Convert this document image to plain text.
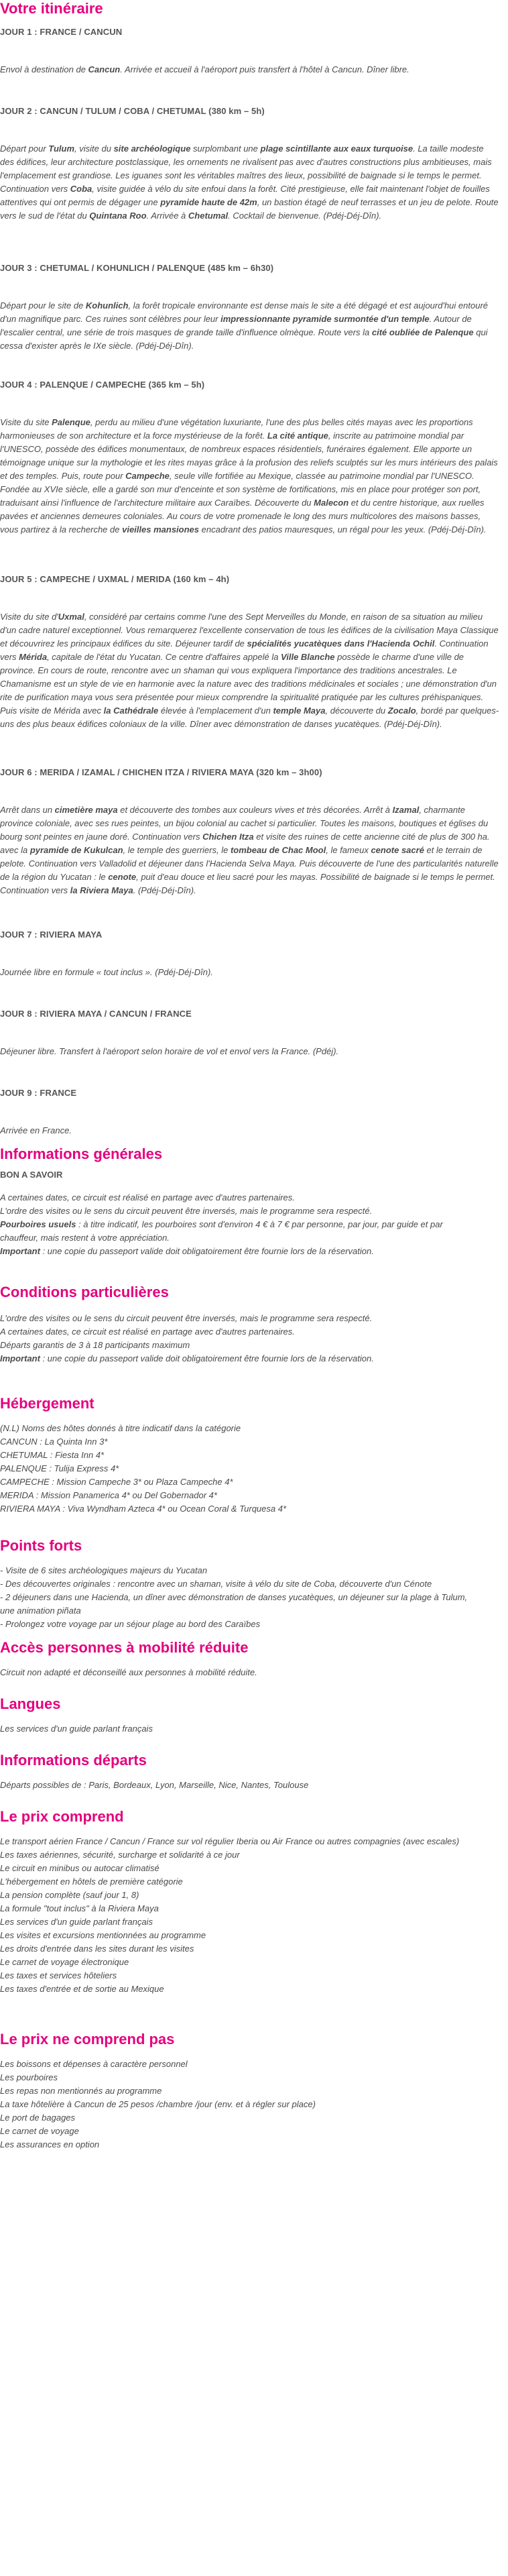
Votre itinéraire
JOUR 1 : FRANCE / CANCUN
Envol à destination de Cancun. Arrivée et accueil à l'aéroport puis transfert à l'hôtel à Cancun. Dîner libre.
JOUR 2 : CANCUN / TULUM / COBA / CHETUMAL (380 km – 5h)
Départ pour Tulum, visite du site archéologique surplombant une plage scintillante aux eaux turquoise. La taille modeste des édifices, leur architecture postclassique, les ornements ne rivalisent pas avec d'autres constructions plus ambitieuses, mais l'emplacement est grandiose. Les iguanes sont les véritables maîtres des lieux, possibilité de baignade si le temps le permet. Continuation vers Coba, visite guidée à vélo du site enfoui dans la forêt. Cité prestigieuse, elle fait maintenant l'objet de fouilles attentives qui ont permis de dégager une pyramide haute de 42m, un bastion étagé de neuf terrasses et un jeu de pelote. Route vers le sud de l'état du Quintana Roo. Arrivée à Chetumal. Cocktail de bienvenue. (Pdéj-Déj-Dîn).
JOUR 3 : CHETUMAL / KOHUNLICH / PALENQUE (485 km – 6h30)
Départ pour le site de Kohunlich, la forêt tropicale environnante est dense mais le site a été dégagé et est aujourd'hui entouré d'un magnifique parc. Ces ruines sont célèbres pour leur impressionnante pyramide surmontée d'un temple. Autour de l'escalier central, une série de trois masques de grande taille d'influence olmèque. Route vers la cité oubliée de Palenque qui cessa d'exister après le IXe siècle. (Pdéj-Déj-Dîn).
JOUR 4 : PALENQUE / CAMPECHE (365 km – 5h)
Visite du site Palenque, perdu au milieu d'une végétation luxuriante, l'une des plus belles cités mayas avec les proportions harmonieuses de son architecture et la force mystérieuse de la forêt. La cité antique, inscrite au patrimoine mondial par l'UNESCO, possède des édifices monumentaux, de nombreux espaces résidentiels, funéraires également. Elle apporte un témoignage unique sur la mythologie et les rites mayas grâce à la profusion des reliefs sculptés sur les murs intérieurs des palais et des temples. Puis, route pour Campeche, seule ville fortifiée au Mexique, classée au patrimoine mondial par l'UNESCO. Fondée au XVIe siècle, elle a gardé son mur d'enceinte et son système de fortifications, mis en place pour protéger son port, traduisant ainsi l'influence de l'architecture militaire aux Caraïbes. Découverte du Malecon et du centre historique, aux ruelles pavées et anciennes demeures coloniales. Au cours de votre promenade le long des murs multicolores des maisons basses, vous partirez à la recherche de vieilles mansiones encadrant des patios mauresques, un régal pour les yeux. (Pdéj-Déj-Dîn).
JOUR 5 : CAMPECHE / UXMAL / MERIDA (160 km – 4h)
Visite du site d'Uxmal, considéré par certains comme l'une des Sept Merveilles du Monde, en raison de sa situation au milieu d'un cadre naturel exceptionnel. Vous remarquerez l'excellente conservation de tous les édifices de la civilisation Maya Classique et découvrirez les principaux édifices du site. Déjeuner tardif de spécialités yucatèques dans l'Hacienda Ochil. Continuation vers Mérida, capitale de l'état du Yucatan. Ce centre d'affaires appelé la Ville Blanche possède le charme d'une ville de province. En cours de route, rencontre avec un shaman qui vous expliquera l'importance des traditions ancestrales. Le Chamanisme est un style de vie en harmonie avec la nature avec des traditions médicinales et sociales ; une démonstration d'un rite de purification maya vous sera présentée pour mieux comprendre la spiritualité pratiquée par les cultures préhispaniques. Puis visite de Mérida avec la Cathédrale élevée à l'emplacement d'un temple Maya, découverte du Zocalo, bordé par quelques-uns des plus beaux édifices coloniaux de la ville. Dîner avec démonstration de danses yucatèques. (Pdéj-Déj-Dîn).
JOUR 6 : MERIDA / IZAMAL / CHICHEN ITZA / RIVIERA MAYA (320 km – 3h00)
Arrêt dans un cimetière maya et découverte des tombes aux couleurs vives et très décorées. Arrêt à Izamal, charmante province coloniale, avec ses rues peintes, un bijou colonial au cachet si particulier. Toutes les maisons, boutiques et églises du bourg sont peintes en jaune doré. Continuation vers Chichen Itza et visite des ruines de cette ancienne cité de plus de 300 ha. avec la pyramide de Kukulcan, le temple des guerriers, le tombeau de Chac Mool, le fameux cenote sacré et le terrain de pelote. Continuation vers Valladolid et déjeuner dans l'Hacienda Selva Maya. Puis découverte de l'une des particularités naturelle de la région du Yucatan : le cenote, puit d'eau douce et lieu sacré pour les mayas. Possibilité de baignade si le temps le permet. Continuation vers la Riviera Maya. (Pdéj-Déj-Dîn).
JOUR 7 : RIVIERA MAYA
Journée libre en formule « tout inclus ». (Pdéj-Déj-Dîn).
JOUR 8 : RIVIERA MAYA / CANCUN / FRANCE
Déjeuner libre. Transfert à l'aéroport selon horaire de vol et envol vers la France. (Pdéj).
JOUR 9 : FRANCE
Arrivée en France.
Informations générales
BON A SAVOIR
A certaines dates, ce circuit est réalisé en partage avec d'autres partenaires.
L'ordre des visites ou le sens du circuit peuvent être inversés, mais le programme sera respecté.
Pourboires usuels : à titre indicatif, les pourboires sont d'environ 4 € à 7 € par personne, par jour, par guide et par
chauffeur, mais restent à votre appréciation.
Important : une copie du passeport valide doit obligatoirement être fournie lors de la réservation.
Conditions particulières
L'ordre des visites ou le sens du circuit peuvent être inversés, mais le programme sera respecté.
A certaines dates, ce circuit est réalisé en partage avec d'autres partenaires.
Départs garantis de 3 à 18 participants maximum
Important : une copie du passeport valide doit obligatoirement être fournie lors de la réservation.
Hébergement
(N.L) Noms des hôtes donnés à titre indicatif dans la catégorie
CANCUN : La Quinta Inn 3*
CHETUMAL : Fiesta Inn 4*
PALENQUE : Tulija Express 4*
CAMPECHE : Mission Campeche 3* ou Plaza Campeche 4*
MERIDA : Mission Panamerica 4* ou Del Gobernador 4*
RIVIERA MAYA : Viva Wyndham Azteca 4* ou Ocean Coral & Turquesa 4*
Points forts
- Visite de 6 sites archéologiques majeurs du Yucatan
- Des découvertes originales : rencontre avec un shaman, visite à vélo du site de Coba, découverte d'un Cénote
- 2 déjeuners dans une Hacienda, un dîner avec démonstration de danses yucatèques, un déjeuner sur la plage à Tulum,
une animation piñata
- Prolongez votre voyage par un séjour plage au bord des Caraïbes
Accès personnes à mobilité réduite
Circuit non adapté et déconseillé aux personnes à mobilité réduite.
Langues
Les services d'un guide parlant français
Informations départs
Départs possibles de : Paris, Bordeaux, Lyon, Marseille, Nice, Nantes, Toulouse
Le prix comprend
Le transport aérien France / Cancun / France sur vol régulier Iberia ou Air France ou autres compagnies (avec escales)
Les taxes aériennes, sécurité, surcharge et solidarité à ce jour
Le circuit en minibus ou autocar climatisé
L'hébergement en hôtels de première catégorie
La pension complète (sauf jour 1, 8)
La formule "tout inclus" à la Riviera Maya
Les services d'un guide parlant français
Les visites et excursions mentionnées au programme
Les droits d'entrée dans les sites durant les visites
Le carnet de voyage électronique
Les taxes et services hôteliers
Les taxes d'entrée et de sortie au Mexique
Le prix ne comprend pas
Les boissons et dépenses à caractère personnel
Les pourboires
Les repas non mentionnés au programme
La taxe hôtelière à Cancun de 25 pesos /chambre /jour (env. et à régler sur place)
Le port de bagages
Le carnet de voyage
Les assurances en option
